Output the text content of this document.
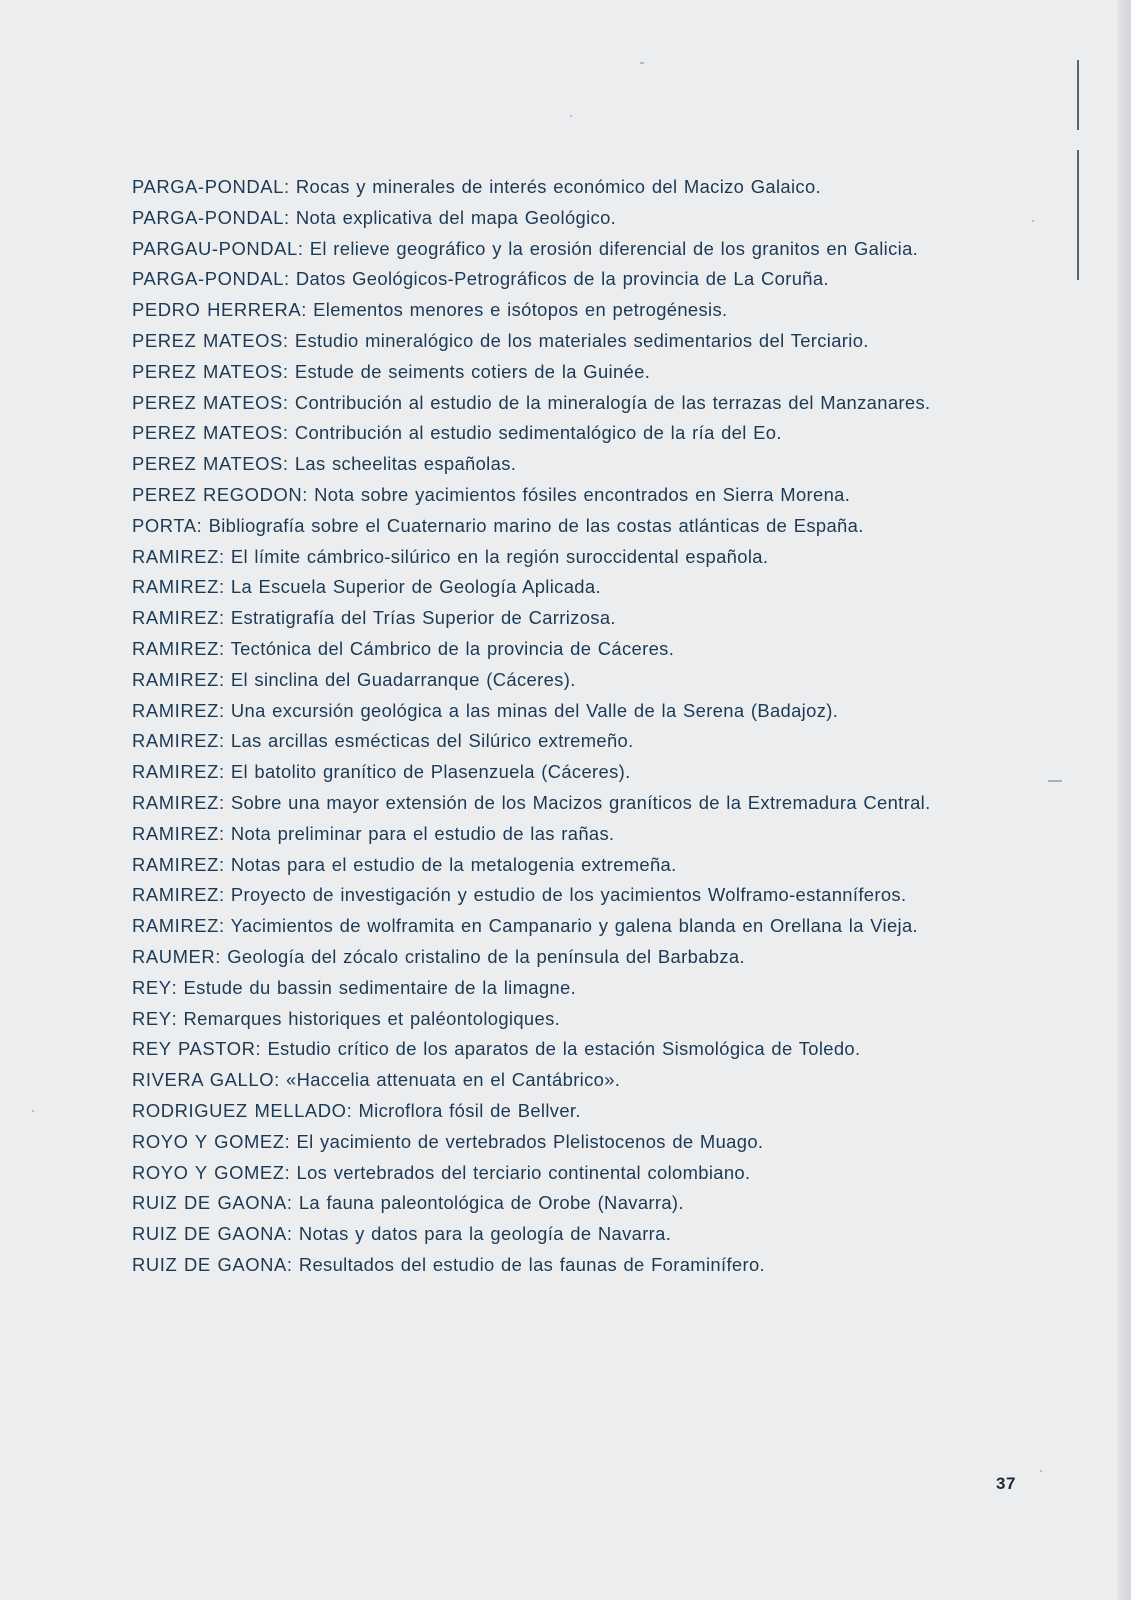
PARGA-PONDAL: Rocas y minerales de interés económico del Macizo Galaico.
PARGA-PONDAL: Nota explicativa del mapa Geológico.
PARGAU-PONDAL: El relieve geográfico y la erosión diferencial de los granitos en Galicia.
PARGA-PONDAL: Datos Geológicos-Petrográficos de la provincia de La Coruña.
PEDRO HERRERA: Elementos menores e isótopos en petrogénesis.
PEREZ MATEOS: Estudio mineralógico de los materiales sedimentarios del Terciario.
PEREZ MATEOS: Estude de seiments cotiers de la Guinée.
PEREZ MATEOS: Contribución al estudio de la mineralogía de las terrazas del Manzanares.
PEREZ MATEOS: Contribución al estudio sedimentalógico de la ría del Eo.
PEREZ MATEOS: Las scheelitas españolas.
PEREZ REGODON: Nota sobre yacimientos fósiles encontrados en Sierra Morena.
PORTA: Bibliografía sobre el Cuaternario marino de las costas atlánticas de España.
RAMIREZ: El límite cámbrico-silúrico en la región suroccidental española.
RAMIREZ: La Escuela Superior de Geología Aplicada.
RAMIREZ: Estratigrafía del Trías Superior de Carrizosa.
RAMIREZ: Tectónica del Cámbrico de la provincia de Cáceres.
RAMIREZ: El sinclina del Guadarranque (Cáceres).
RAMIREZ: Una excursión geológica a las minas del Valle de la Serena (Badajoz).
RAMIREZ: Las arcillas esmécticas del Silúrico extremeño.
RAMIREZ: El batolito granítico de Plasenzuela (Cáceres).
RAMIREZ: Sobre una mayor extensión de los Macizos graníticos de la Extremadura Central.
RAMIREZ: Nota preliminar para el estudio de las rañas.
RAMIREZ: Notas para el estudio de la metalogenia extremeña.
RAMIREZ: Proyecto de investigación y estudio de los yacimientos Wolframo-estanníferos.
RAMIREZ: Yacimientos de wolframita en Campanario y galena blanda en Orellana la Vieja.
RAUMER: Geología del zócalo cristalino de la península del Barbabza.
REY: Estude du bassin sedimentaire de la limagne.
REY: Remarques historiques et paléontologiques.
REY PASTOR: Estudio crítico de los aparatos de la estación Sismológica de Toledo.
RIVERA GALLO: «Haccelia attenuata en el Cantábrico».
RODRIGUEZ MELLADO: Microflora fósil de Bellver.
ROYO Y GOMEZ: El yacimiento de vertebrados Plelistocenos de Muago.
ROYO Y GOMEZ: Los vertebrados del terciario continental colombiano.
RUIZ DE GAONA: La fauna paleontológica de Orobe (Navarra).
RUIZ DE GAONA: Notas y datos para la geología de Navarra.
RUIZ DE GAONA: Resultados del estudio de las faunas de Foraminífero.
37
